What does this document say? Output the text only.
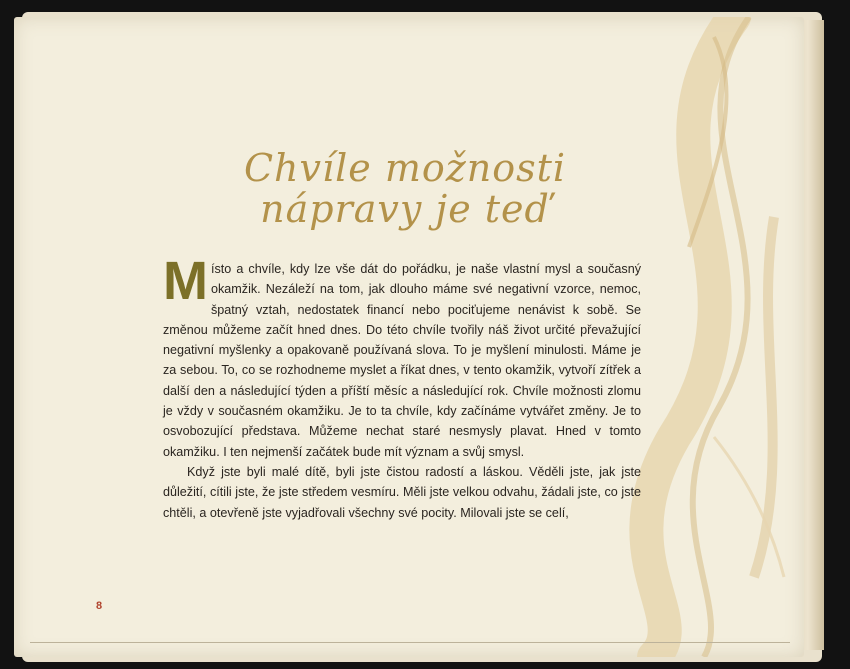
Chvíle možnosti
nápravy je teď

Místo a chvíle, kdy lze vše dát do pořádku, je naše vlastní mysl a současný okamžik. Nezáleží na tom, jak dlouho máme své negativní vzorce, nemoc, špatný vztah, nedostatek financí nebo pociťujeme nenávist k sobě. Se změnou můžeme začít hned dnes. Do této chvíle tvořily náš život určité převažující negativní myšlenky a opakovaně používaná slova. To je myšlení minulosti. Máme je za sebou. To, co se rozhodneme myslet a říkat dnes, v tento okamžik, vytvoří zítřek a další den a následující týden a příští měsíc a následující rok. Chvíle možnosti zlomu je vždy v současném okamžiku. Je to ta chvíle, kdy začínáme vytvářet změny. Je to osvobozující představa. Můžeme nechat staré nesmysly plavat. Hned v tomto okamžiku. I ten nejmenší začátek bude mít význam a svůj smysl.

Když jste byli malé dítě, byli jste čistou radostí a láskou. Věděli jste, jak jste důležití, cítili jste, že jste středem vesmíru. Měli jste velkou odvahu, žádali jste, co jste chtěli, a otevřeně jste vyjadřovali všechny své pocity. Milovali jste se celí,

8
